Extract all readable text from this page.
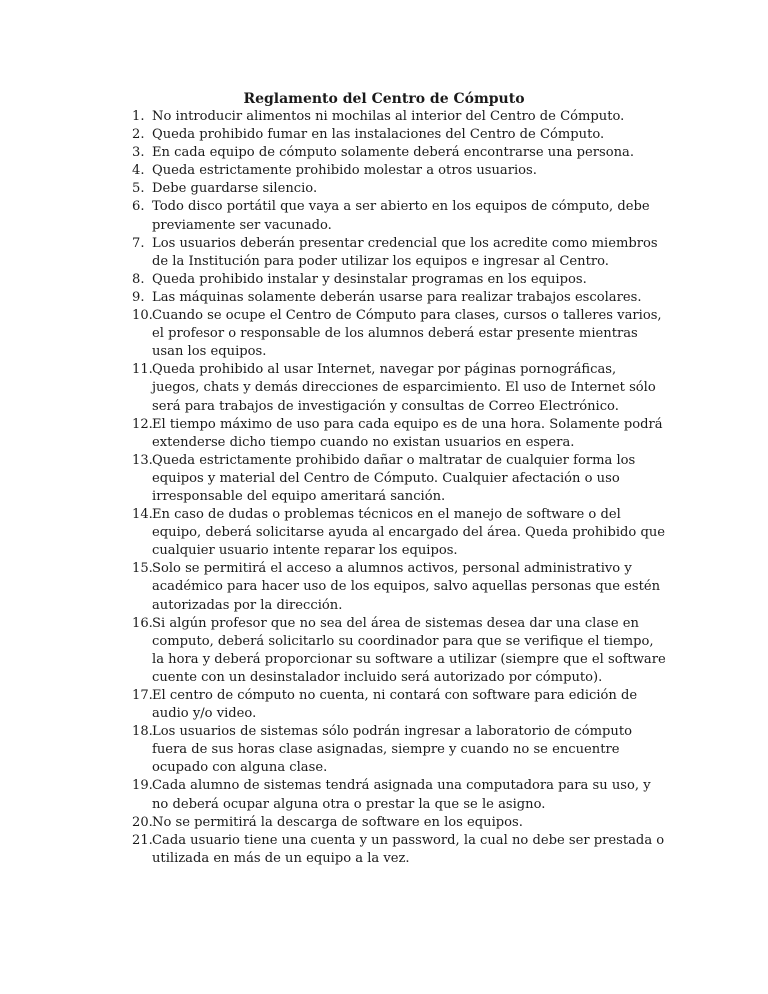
Reglamento del Centro de Cómputo
1. No introducir alimentos ni mochilas al interior del Centro de Cómputo.
2. Queda prohibido fumar en las instalaciones del Centro de Cómputo.
3. En cada equipo de cómputo solamente deberá encontrarse una persona.
4. Queda estrictamente prohibido molestar a otros usuarios.
5. Debe guardarse silencio.
6. Todo disco portátil que vaya a ser abierto en los equipos de cómputo, debe previamente ser vacunado.
7. Los usuarios deberán presentar credencial que los acredite como miembros de la Institución para poder utilizar los equipos e ingresar al Centro.
8. Queda prohibido instalar y desinstalar programas en los equipos.
9. Las máquinas solamente deberán usarse para realizar trabajos escolares.
10. Cuando se ocupe el Centro de Cómputo para clases, cursos o talleres varios, el profesor o responsable de los alumnos deberá estar presente mientras usan los equipos.
11. Queda prohibido al usar Internet, navegar por páginas pornográficas, juegos, chats y demás direcciones de esparcimiento. El uso de Internet sólo será para trabajos de investigación y consultas de Correo Electrónico.
12. El tiempo máximo de uso para cada equipo es de una hora. Solamente podrá extenderse dicho tiempo cuando no existan usuarios en espera.
13. Queda estrictamente prohibido dañar o maltratar de cualquier forma los equipos y material del Centro de Cómputo. Cualquier afectación o uso irresponsable del equipo ameritará sanción.
14. En caso de dudas o problemas técnicos en el manejo de software o del equipo, deberá solicitarse ayuda al encargado del área. Queda prohibido que cualquier usuario intente reparar los equipos.
15. Solo se permitirá el acceso a alumnos activos, personal administrativo y académico para hacer uso de los equipos, salvo aquellas personas que estén autorizadas por la dirección.
16. Si algún profesor que no sea del área de sistemas desea dar una clase en computo, deberá solicitarlo su coordinador para que se verifique el tiempo, la hora y deberá proporcionar su software a utilizar (siempre que el software cuente con un desinstalador incluido será autorizado por cómputo).
17. El centro de cómputo no cuenta, ni contará con software para edición de audio y/o video.
18. Los usuarios de sistemas sólo podrán ingresar a laboratorio de cómputo fuera de sus horas clase asignadas, siempre y cuando no se encuentre ocupado con alguna clase.
19. Cada alumno de sistemas tendrá asignada una computadora para su uso, y no deberá ocupar alguna otra o prestar la que se le asigno.
20. No se permitirá la descarga de software en los equipos.
21. Cada usuario tiene una cuenta y un password, la cual no debe ser prestada o utilizada en más de un equipo a la vez.
